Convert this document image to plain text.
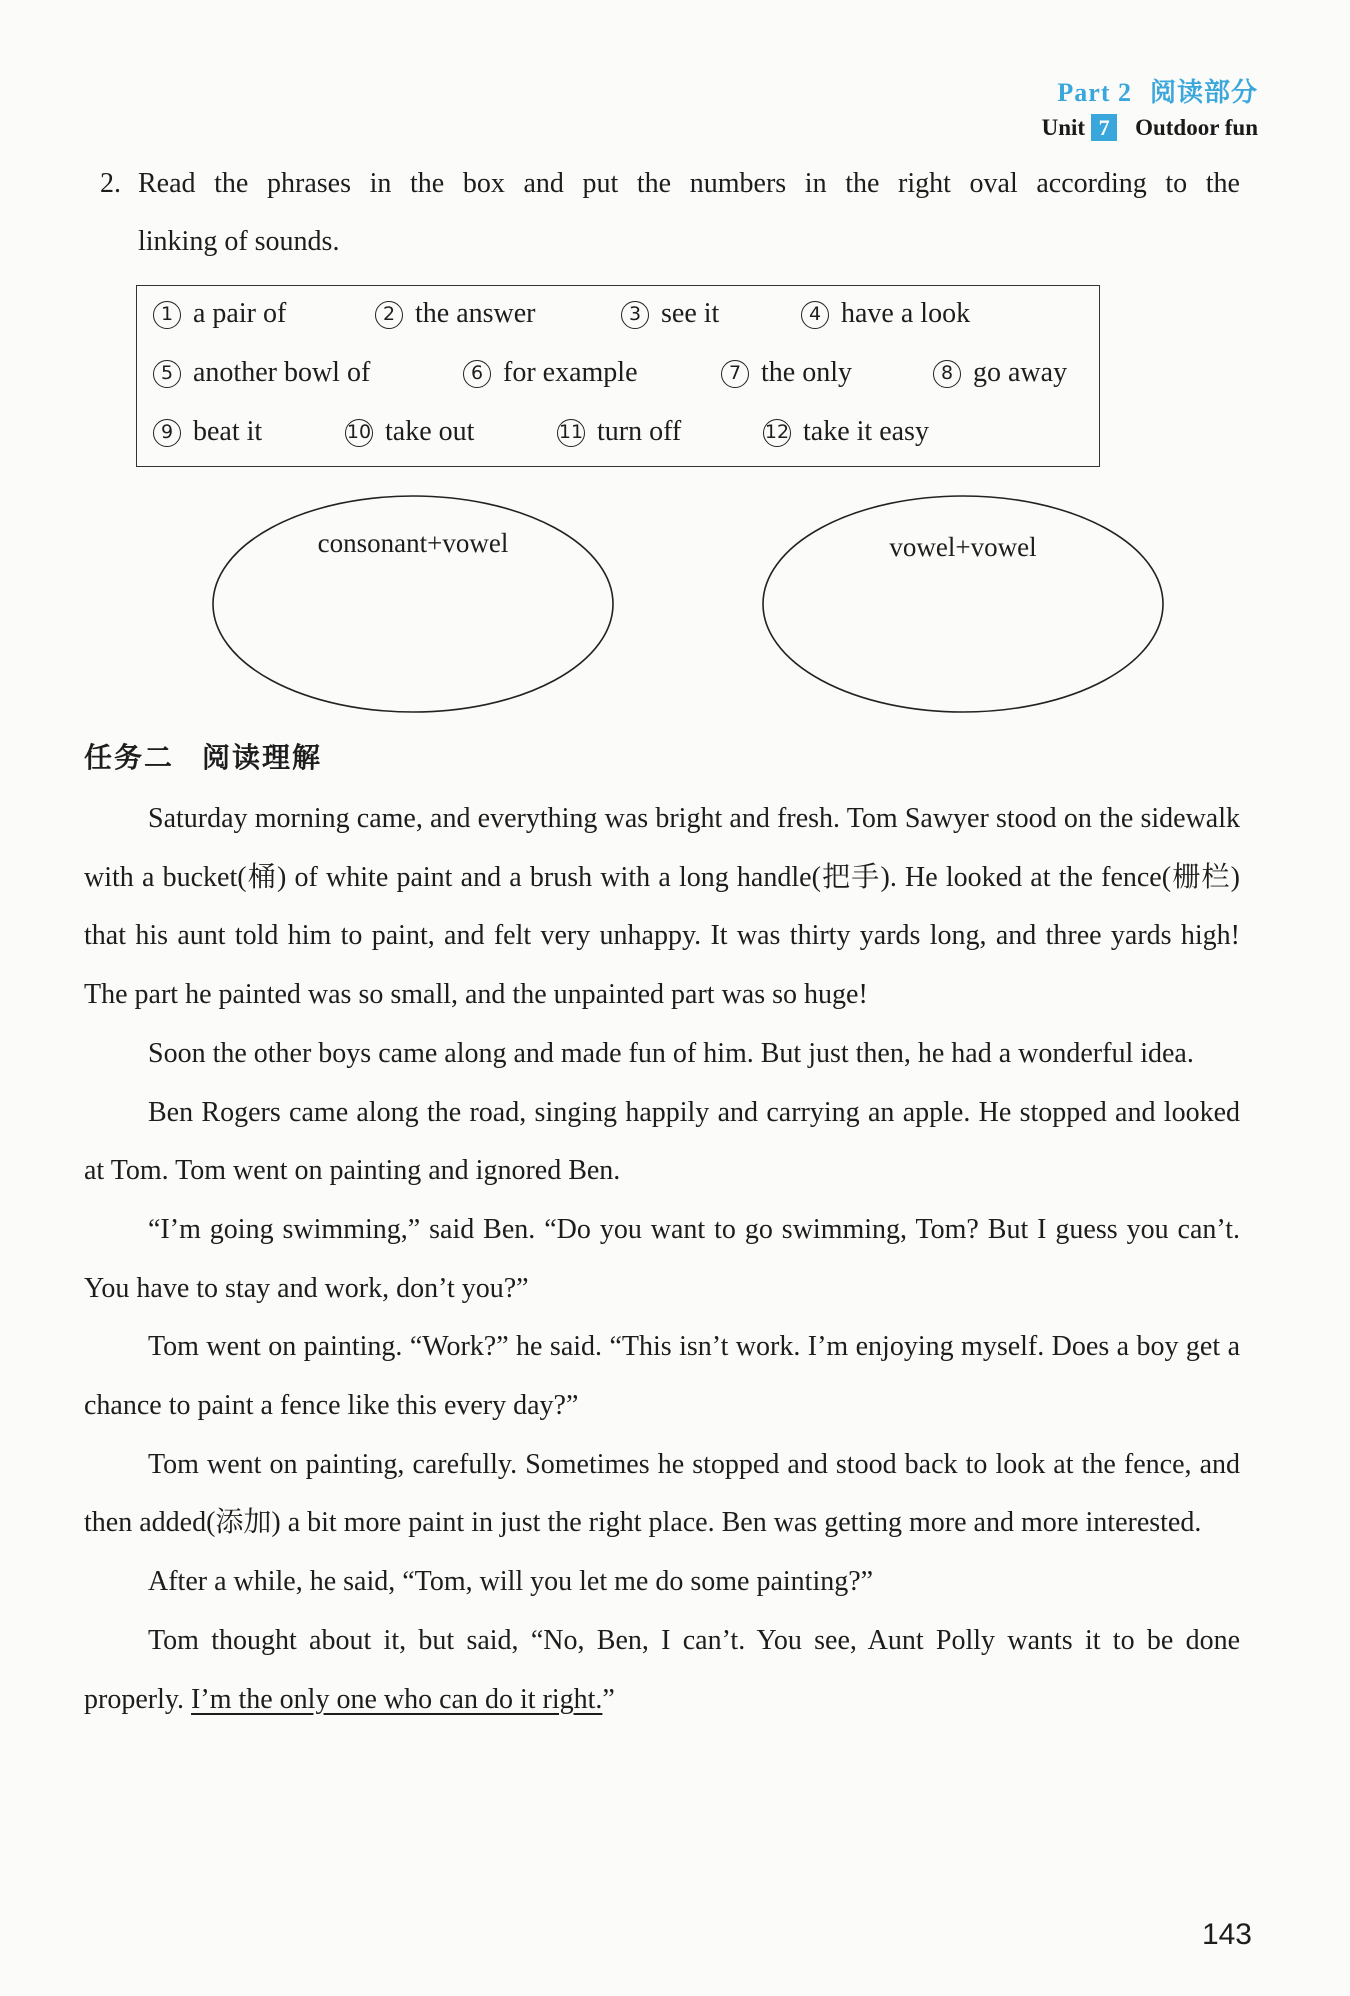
Part 2 阅读部分
Unit 7	Outdoor fun
2. Read the phrases in the box and put the numbers in the right oval according to the
linking of sounds.
1 a pair of	2 the answer	3 see it	4 have a look
5 another bowl of	6 for example	7 the only	8 go away
9 beat it	10 take out	11 turn off	12 take it easy
consonant+vowel	vowel+vowel
任务二 阅读理解

Saturday morning came, and everything was bright and fresh. Tom Sawyer stood on the sidewalk with a bucket(桶) of white paint and a brush with a long handle(把手). He looked at the fence(栅栏) that his aunt told him to paint, and felt very unhappy. It was thirty yards long, and three yards high! The part he painted was so small, and the unpainted part was so huge!

Soon the other boys came along and made fun of him. But just then, he had a wonderful idea.

Ben Rogers came along the road, singing happily and carrying an apple. He stopped and looked at Tom. Tom went on painting and ignored Ben.

“I’m going swimming,” said Ben. “Do you want to go swimming, Tom? But I guess you can’t. You have to stay and work, don’t you?”

Tom went on painting. “Work?” he said. “This isn’t work. I’m enjoying myself. Does a boy get a chance to paint a fence like this every day?”

Tom went on painting, carefully. Sometimes he stopped and stood back to look at the fence, and then added(添加) a bit more paint in just the right place. Ben was getting more and more interested.

After a while, he said, “Tom, will you let me do some painting?”

Tom thought about it, but said, “No, Ben, I can’t. You see, Aunt Polly wants it to be done properly. I’m the only one who can do it right.”

143
